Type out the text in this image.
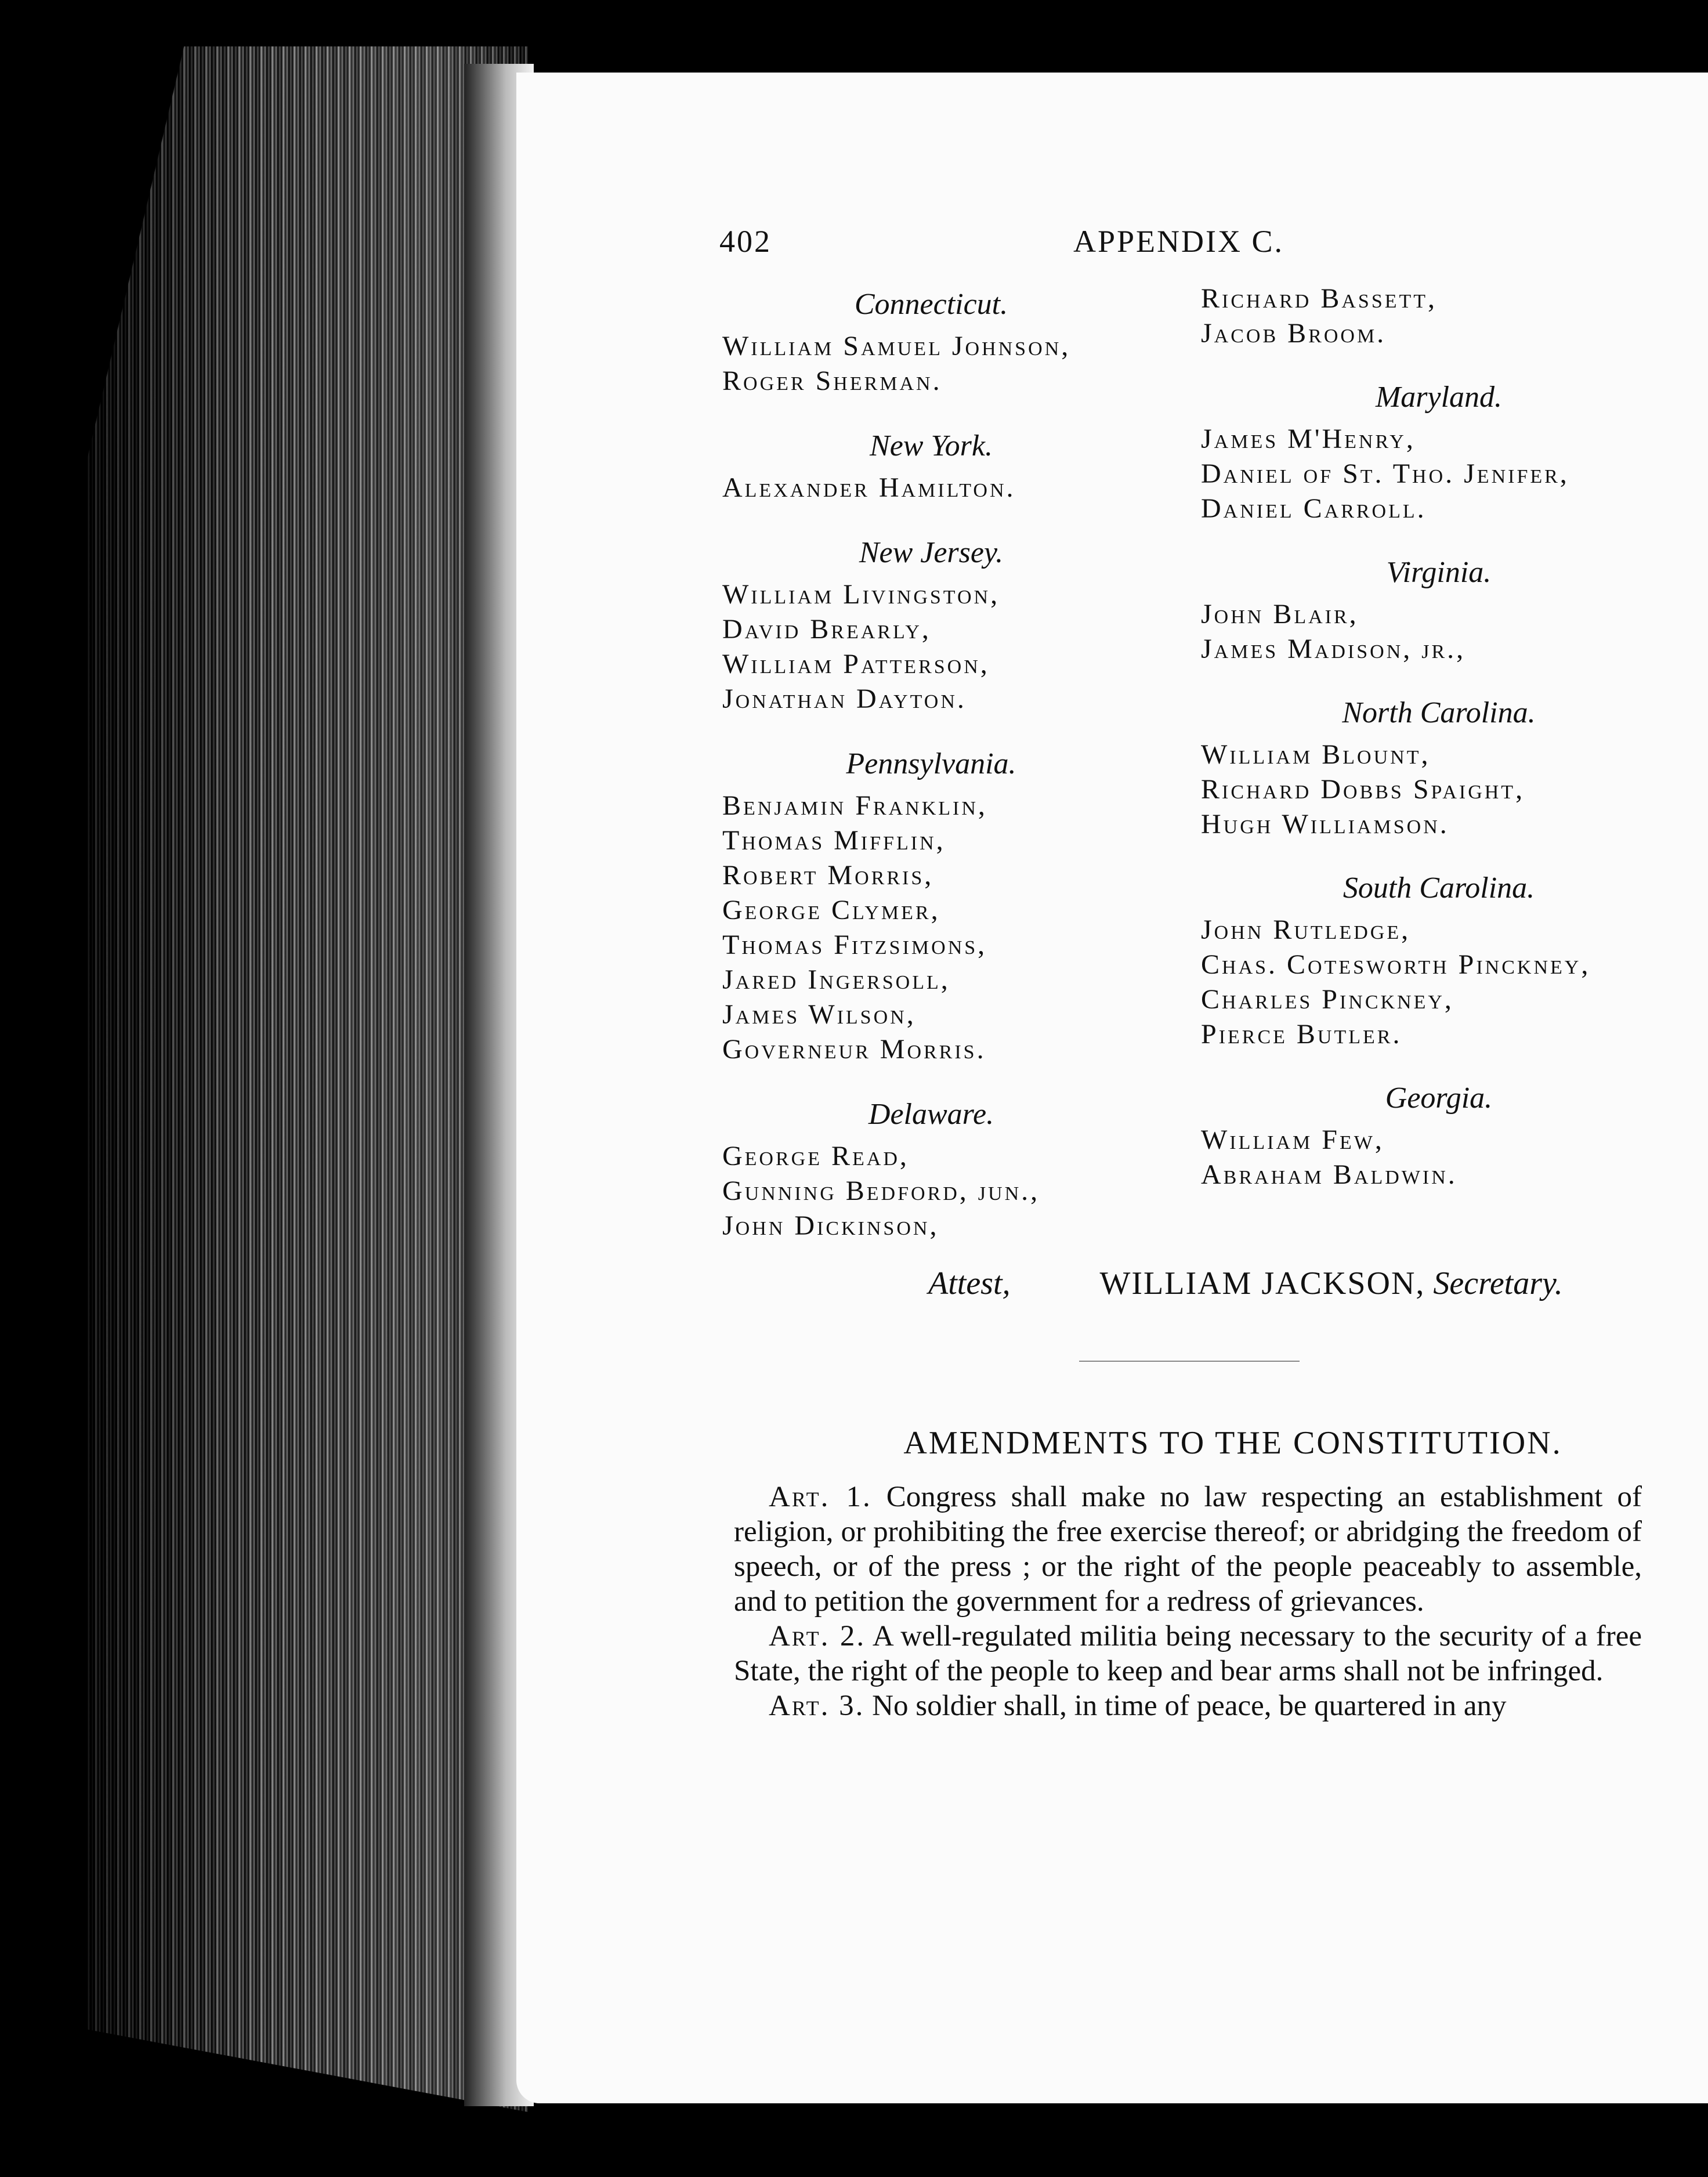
402	APPENDIX C.
Connecticut.
William Samuel Johnson,
Roger Sherman.
New York.
Alexander Hamilton.
New Jersey.
William Livingston,
David Brearly,
William Patterson,
Jonathan Dayton.
Pennsylvania.
Benjamin Franklin,
Thomas Mifflin,
Robert Morris,
George Clymer,
Thomas Fitzsimons,
Jared Ingersoll,
James Wilson,
Governeur Morris.
Delaware.
George Read,
Gunning Bedford, jun.,
John Dickinson,
Richard Bassett,
Jacob Broom.
Maryland.
James M'Henry,
Daniel of St. Tho. Jenifer,
Daniel Carroll.
Virginia.
John Blair,
James Madison, jr.,
North Carolina.
William Blount,
Richard Dobbs Spaight,
Hugh Williamson.
South Carolina.
John Rutledge,
Chas. Cotesworth Pinckney,
Charles Pinckney,
Pierce Butler.
Georgia.
William Few,
Abraham Baldwin.
Attest,	WILLIAM JACKSON, Secretary.
AMENDMENTS TO THE CONSTITUTION.

Art. 1. Congress shall make no law respecting an establishment of religion, or prohibiting the free exercise thereof; or abridging the freedom of speech, or of the press ; or the right of the people peaceably to assemble, and to petition the government for a redress of grievances.

Art. 2. A well-regulated militia being necessary to the security of a free State, the right of the people to keep and bear arms shall not be infringed.

Art. 3. No soldier shall, in time of peace, be quartered in any
